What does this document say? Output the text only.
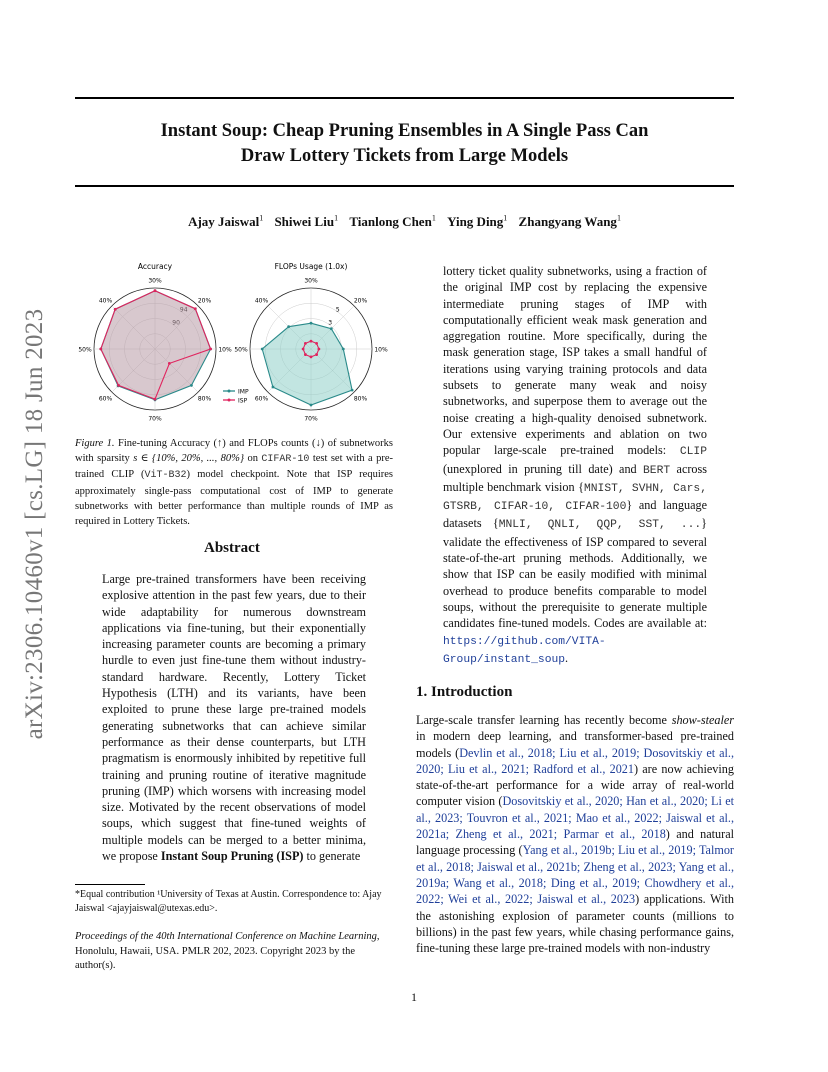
arXiv:2306.10460v1 [cs.LG] 18 Jun 2023
Instant Soup: Cheap Pruning Ensembles in A Single Pass Can
Draw Lottery Tickets from Large Models
Ajay Jaiswal$^1$ Shiwei Liu$^1$ Tianlong Chen$^1$ Ying Ding$^1$ Zhangyang Wang$^1$
Accuracy	FLOPs Usage (1.0x)
30%
20%
10%
80%
70%
60%
50%
40%
30%
20%
10%
80%
70%
60%
50%
40%
5
3
IMP
ISP
Figure 1. Fine-tuning Accuracy (↑) and FLOPs counts (↓) of subnetworks with sparsity s ∈ {10%, 20%, ..., 80%} on CIFAR-10 test set with a pre-trained CLIP (ViT-B32) model checkpoint. Note that ISP requires approximately single-pass computational cost of IMP to generate subnetworks with better performance than multiple rounds of IMP as required in Lottery Tickets.
Abstract
Large pre-trained transformers have been receiving explosive attention in the past few years, due to their wide adaptability for numerous downstream applications via fine-tuning, but their exponentially increasing parameter counts are becoming a primary hurdle to even just fine-tune them without industry-standard hardware. Recently, Lottery Ticket Hypothesis (LTH) and its variants, have been exploited to prune these large pre-trained models generating subnetworks that can achieve similar performance as their dense counterparts, but LTH pragmatism is enormously inhibited by repetitive full training and pruning routine of iterative magnitude pruning (IMP) which worsens with increasing model size. Motivated by the recent observations of model soups, which suggest that fine-tuned weights of multiple models can be merged to a better minima, we propose Instant Soup Pruning (ISP) to generate
*Equal contribution ¹University of Texas at Austin. Correspondence to: Ajay Jaiswal <ajayjaiswal@utexas.edu>.
Proceedings of the 40th International Conference on Machine Learning, Honolulu, Hawaii, USA. PMLR 202, 2023. Copyright 2023 by the author(s).
lottery ticket quality subnetworks, using a fraction of the original IMP cost by replacing the expensive intermediate pruning stages of IMP with computationally efficient weak mask generation and aggregation routine. More specifically, during the mask generation stage, ISP takes a small handful of iterations using varying training protocols and data subsets to generate many weak and noisy subnetworks, and superpose them to average out the noise creating a high-quality denoised subnetwork. Our extensive experiments and ablation on two popular large-scale pre-trained models: CLIP (unexplored in pruning till date) and BERT across multiple benchmark vision {MNIST, SVHN, Cars, GTSRB, CIFAR-10, CIFAR-100} and language datasets {MNLI, QNLI, QQP, SST, ...} validate the effectiveness of ISP compared to several state-of-the-art pruning methods. Additionally, we show that ISP can be easily modified with minimal overhead to produce benefits comparable to model soups, without the prerequisite to generate multiple candidates fine-tuned models. Codes are available at: https://github.com/VITA-Group/instant_soup.
1. Introduction
Large-scale transfer learning has recently become show-stealer in modern deep learning, and transformer-based pre-trained models (Devlin et al., 2018; Liu et al., 2019; Dosovitskiy et al., 2020; Liu et al., 2021; Radford et al., 2021) are now achieving state-of-the-art performance for a wide array of real-world computer vision (Dosovitskiy et al., 2020; Han et al., 2020; Li et al., 2023; Touvron et al., 2021; Mao et al., 2022; Jaiswal et al., 2021a; Zheng et al., 2021; Parmar et al., 2018) and natural language processing (Yang et al., 2019b; Liu et al., 2019; Talmor et al., 2018; Jaiswal et al., 2021b; Zheng et al., 2023; Yang et al., 2019a; Wang et al., 2018; Ding et al., 2019; Chowdhery et al., 2022; Wei et al., 2022; Jaiswal et al., 2023) applications. With the astonishing explosion of parameter counts (millions to billions) in the past few years, while chasing performance gains, fine-tuning these large pre-trained models with non-industry
1
